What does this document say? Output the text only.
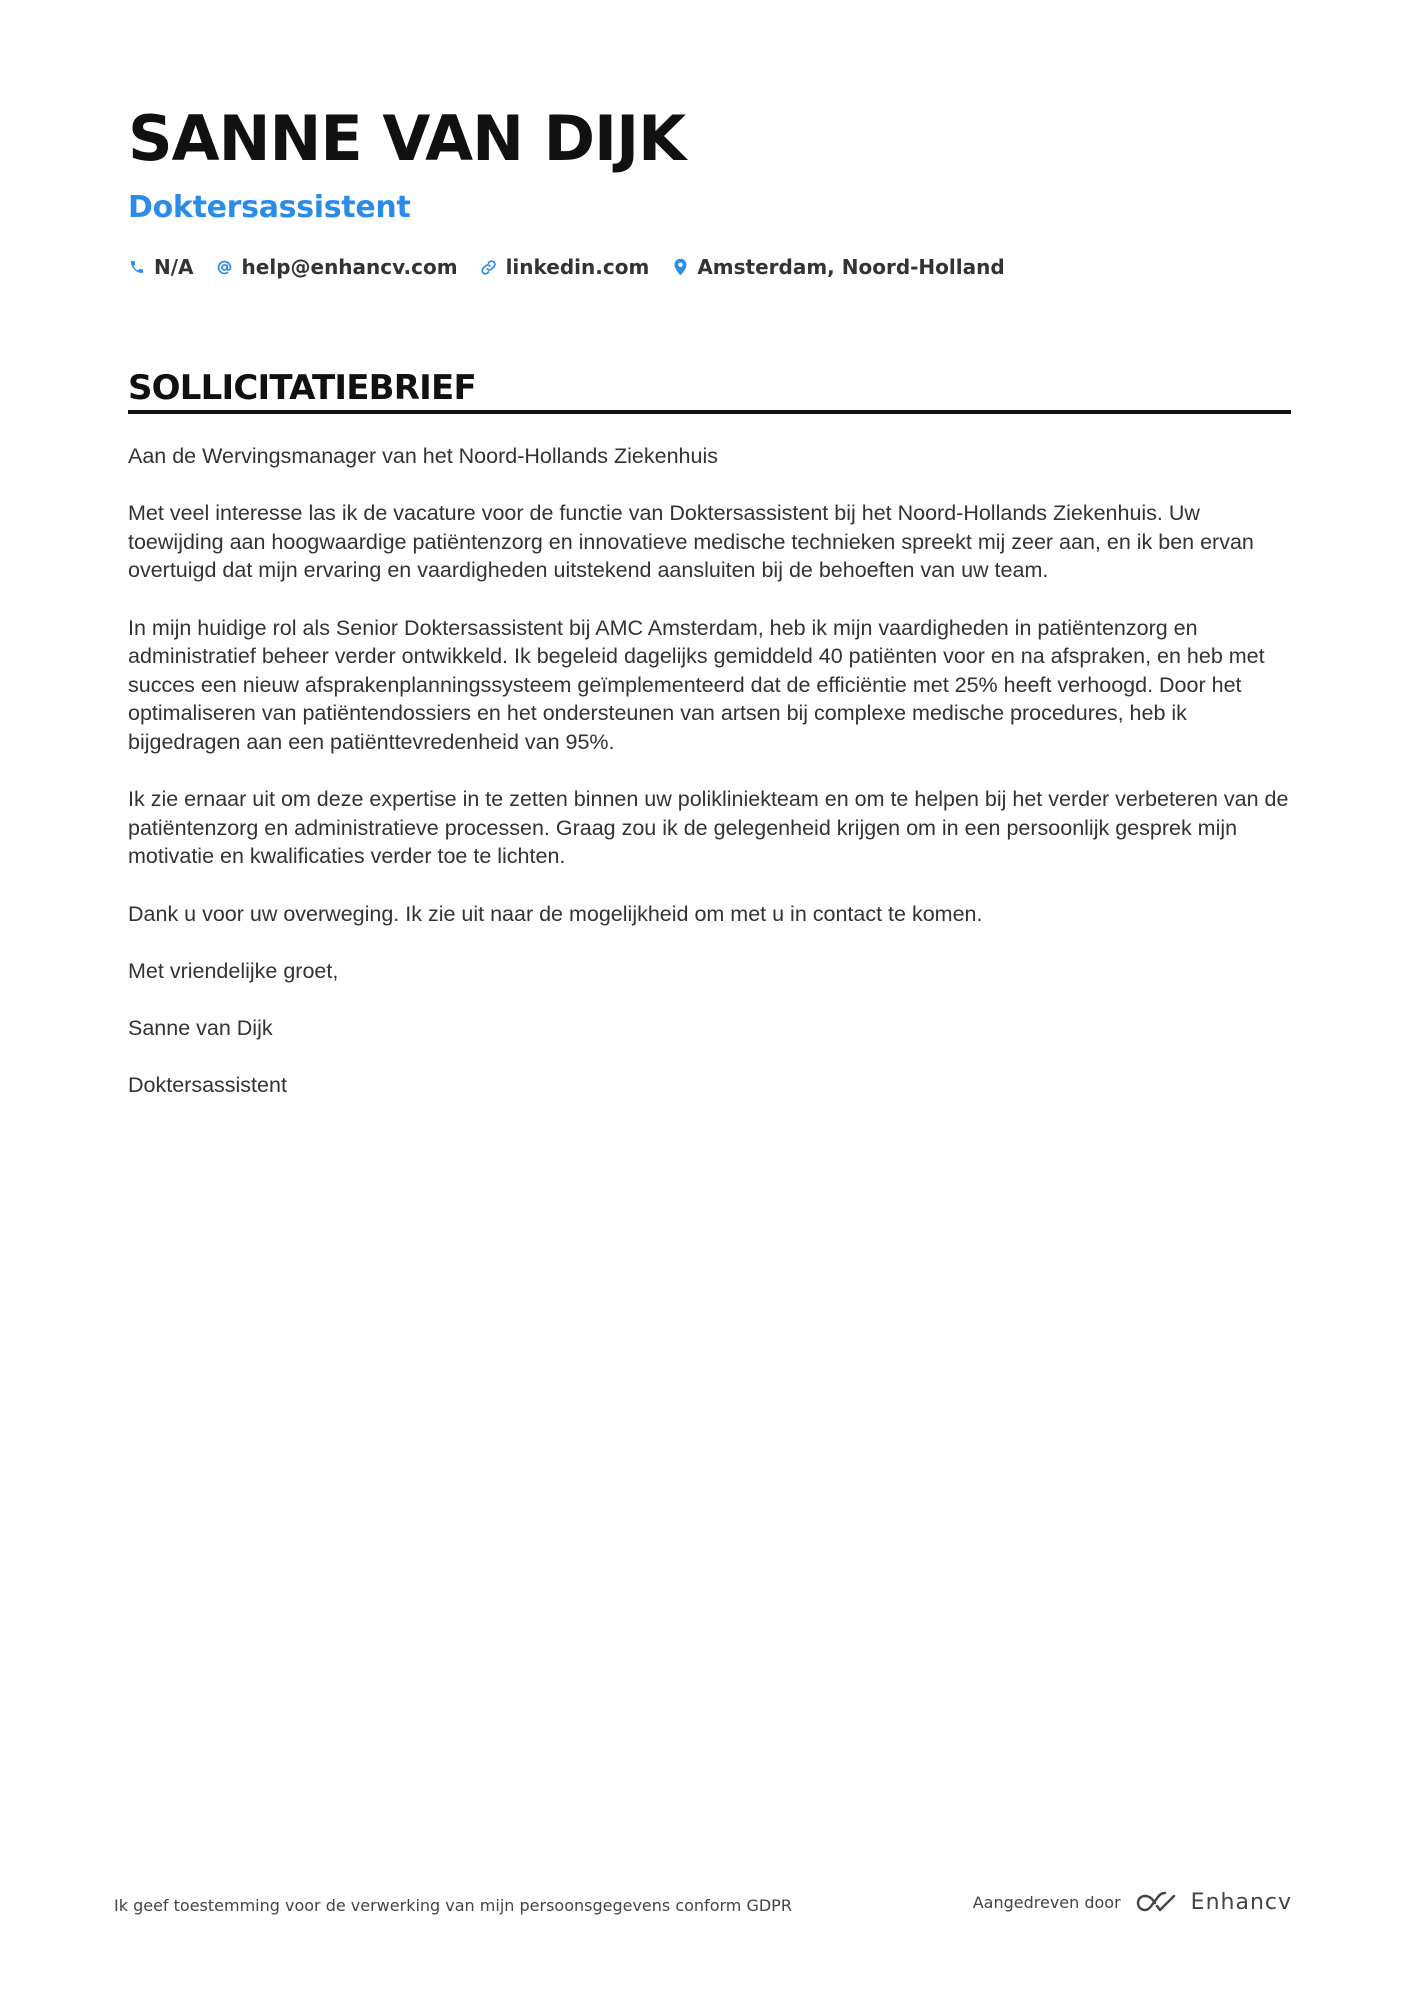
SANNE VAN DIJK
Doktersassistent
N/A help@enhancv.com linkedin.com Amsterdam, Noord-Holland
SOLLICITATIEBRIEF

Aan de Wervingsmanager van het Noord-Hollands Ziekenhuis

Met veel interesse las ik de vacature voor de functie van Doktersassistent bij het Noord-Hollands Ziekenhuis. Uw toewijding aan hoogwaardige patiëntenzorg en innovatieve medische technieken spreekt mij zeer aan, en ik ben ervan overtuigd dat mijn ervaring en vaardigheden uitstekend aansluiten bij de behoeften van uw team.

In mijn huidige rol als Senior Doktersassistent bij AMC Amsterdam, heb ik mijn vaardigheden in patiëntenzorg en administratief beheer verder ontwikkeld. Ik begeleid dagelijks gemiddeld 40 patiënten voor en na afspraken, en heb met succes een nieuw afsprakenplanningssysteem geïmplementeerd dat de efficiëntie met 25% heeft verhoogd. Door het optimaliseren van patiëntendossiers en het ondersteunen van artsen bij complexe medische procedures, heb ik bijgedragen aan een patiënttevredenheid van 95%.

Ik zie ernaar uit om deze expertise in te zetten binnen uw polikliniekteam en om te helpen bij het verder verbeteren van de patiëntenzorg en administratieve processen. Graag zou ik de gelegenheid krijgen om in een persoonlijk gesprek mijn motivatie en kwalificaties verder toe te lichten.

Dank u voor uw overweging. Ik zie uit naar de mogelijkheid om met u in contact te komen.

Met vriendelijke groet,

Sanne van Dijk

Doktersassistent

Ik geef toestemming voor de verwerking van mijn persoonsgegevens conform GDPR	Aangedreven door	Enhancv
